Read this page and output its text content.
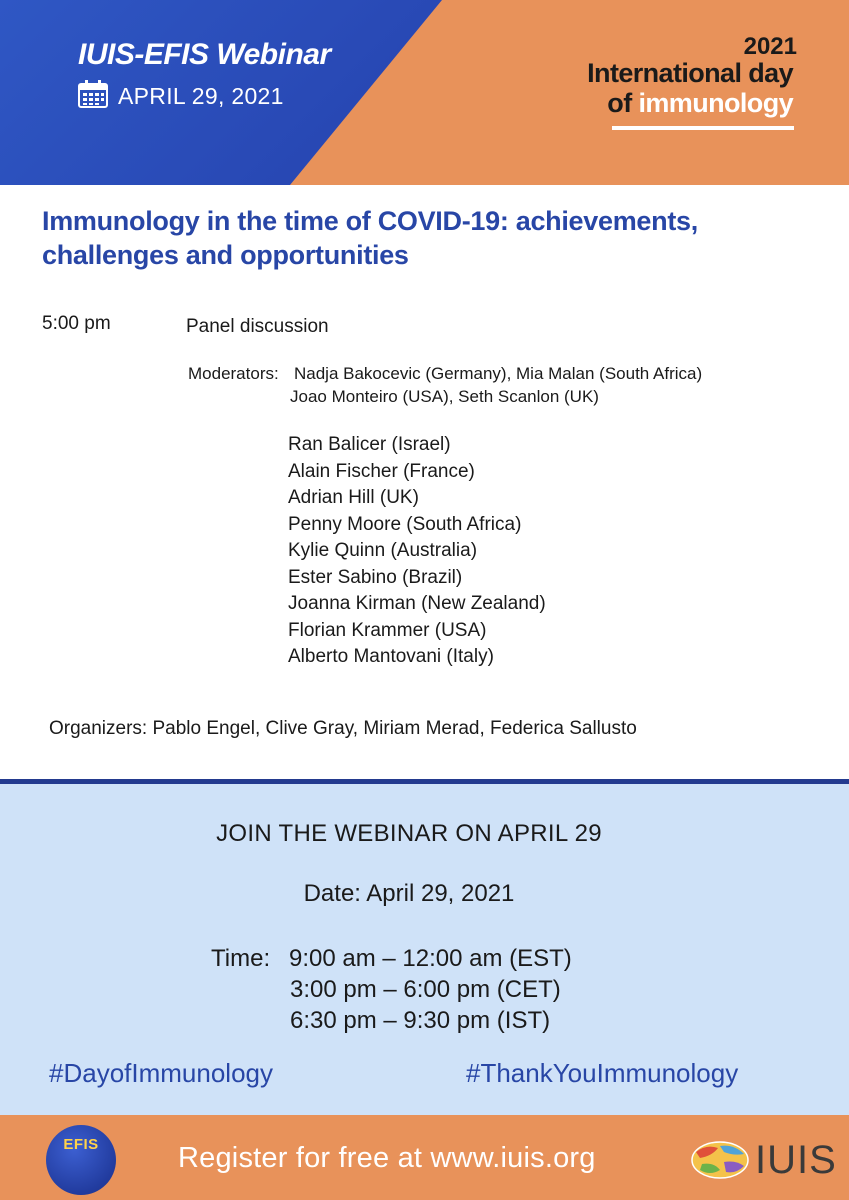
IUIS-EFIS Webinar
APRIL 29, 2021
2021
International day
of immunology
Immunology in the time of COVID-19: achievements, challenges and opportunities
5:00 pm	Panel discussion
Moderators: Nadja Bakocevic (Germany), Mia Malan (South Africa)
Joao Monteiro (USA), Seth Scanlon (UK)
Ran Balicer (Israel)
Alain Fischer (France)
Adrian Hill (UK)
Penny Moore (South Africa)
Kylie Quinn (Australia)
Ester Sabino (Brazil)
Joanna Kirman (New Zealand)
Florian Krammer (USA)
Alberto Mantovani (Italy)
Organizers: Pablo Engel, Clive Gray, Miriam Merad, Federica Sallusto
JOIN THE WEBINAR ON APRIL 29
Date: April 29, 2021
Time: 9:00 am – 12:00 am (EST)
3:00 pm – 6:00 pm (CET)
6:30 pm – 9:30 pm (IST)
#DayofImmunology	#ThankYouImmunology
EFIS	Register for free at www.iuis.org	IUIS
